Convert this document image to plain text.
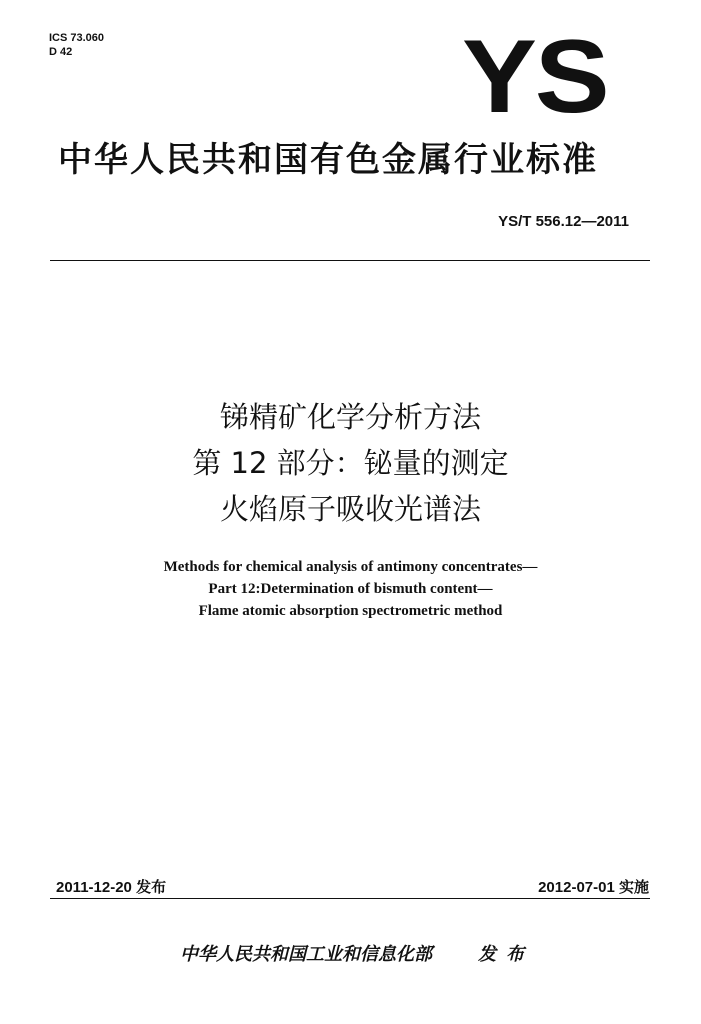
ICS 73.060
D 42	YS
中华人民共和国有色金属行业标准
YS/T 556.12—2011
锑精矿化学分析方法
第 12 部分：铋量的测定
火焰原子吸收光谱法
Methods for chemical analysis of antimony concentrates—
Part 12:Determination of bismuth content—
Flame atomic absorption spectrometric method
2011-12-20 发布	2012-07-01 实施
中华人民共和国工业和信息化部	发布
